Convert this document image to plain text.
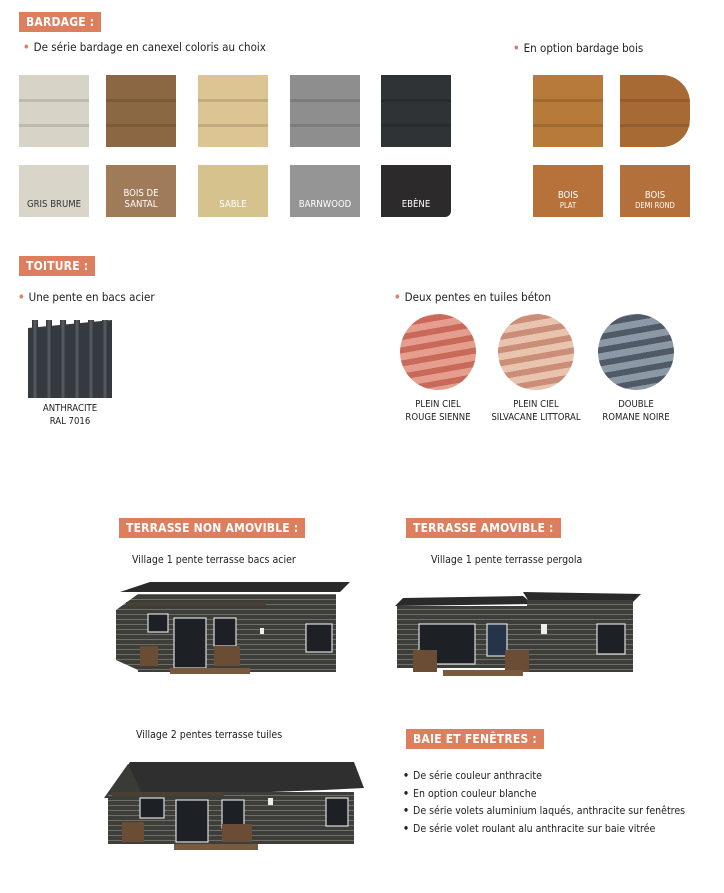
BARDAGE :
• De série bardage en canexel coloris au choix	• En option bardage bois
GRIS BRUME
BOIS DE SANTAL	SABLE	BARNWOOD	EBÈNE
BOIS
PLAT
BOIS
DEMI ROND
TOITURE :
• Une pente en bacs acier	• Deux pentes en tuiles béton
ANTHRACITE
RAL 7016
PLEIN CIEL
ROUGE SIENNE
PLEIN CIEL
SILVACANE LITTORAL
DOUBLE
ROMANE NOIRE
TERRASSE NON AMOVIBLE :
Village 1 pente terrasse bacs acier
TERRASSE AMOVIBLE :
Village 1 pente terrasse pergola
Village 2 pentes terrasse tuiles	BAIE ET FENÊTRES :
• De série couleur anthracite
• En option couleur blanche
• De série volets aluminium laqués, anthracite sur fenêtres
• De série volet roulant alu anthracite sur baie vitrée
